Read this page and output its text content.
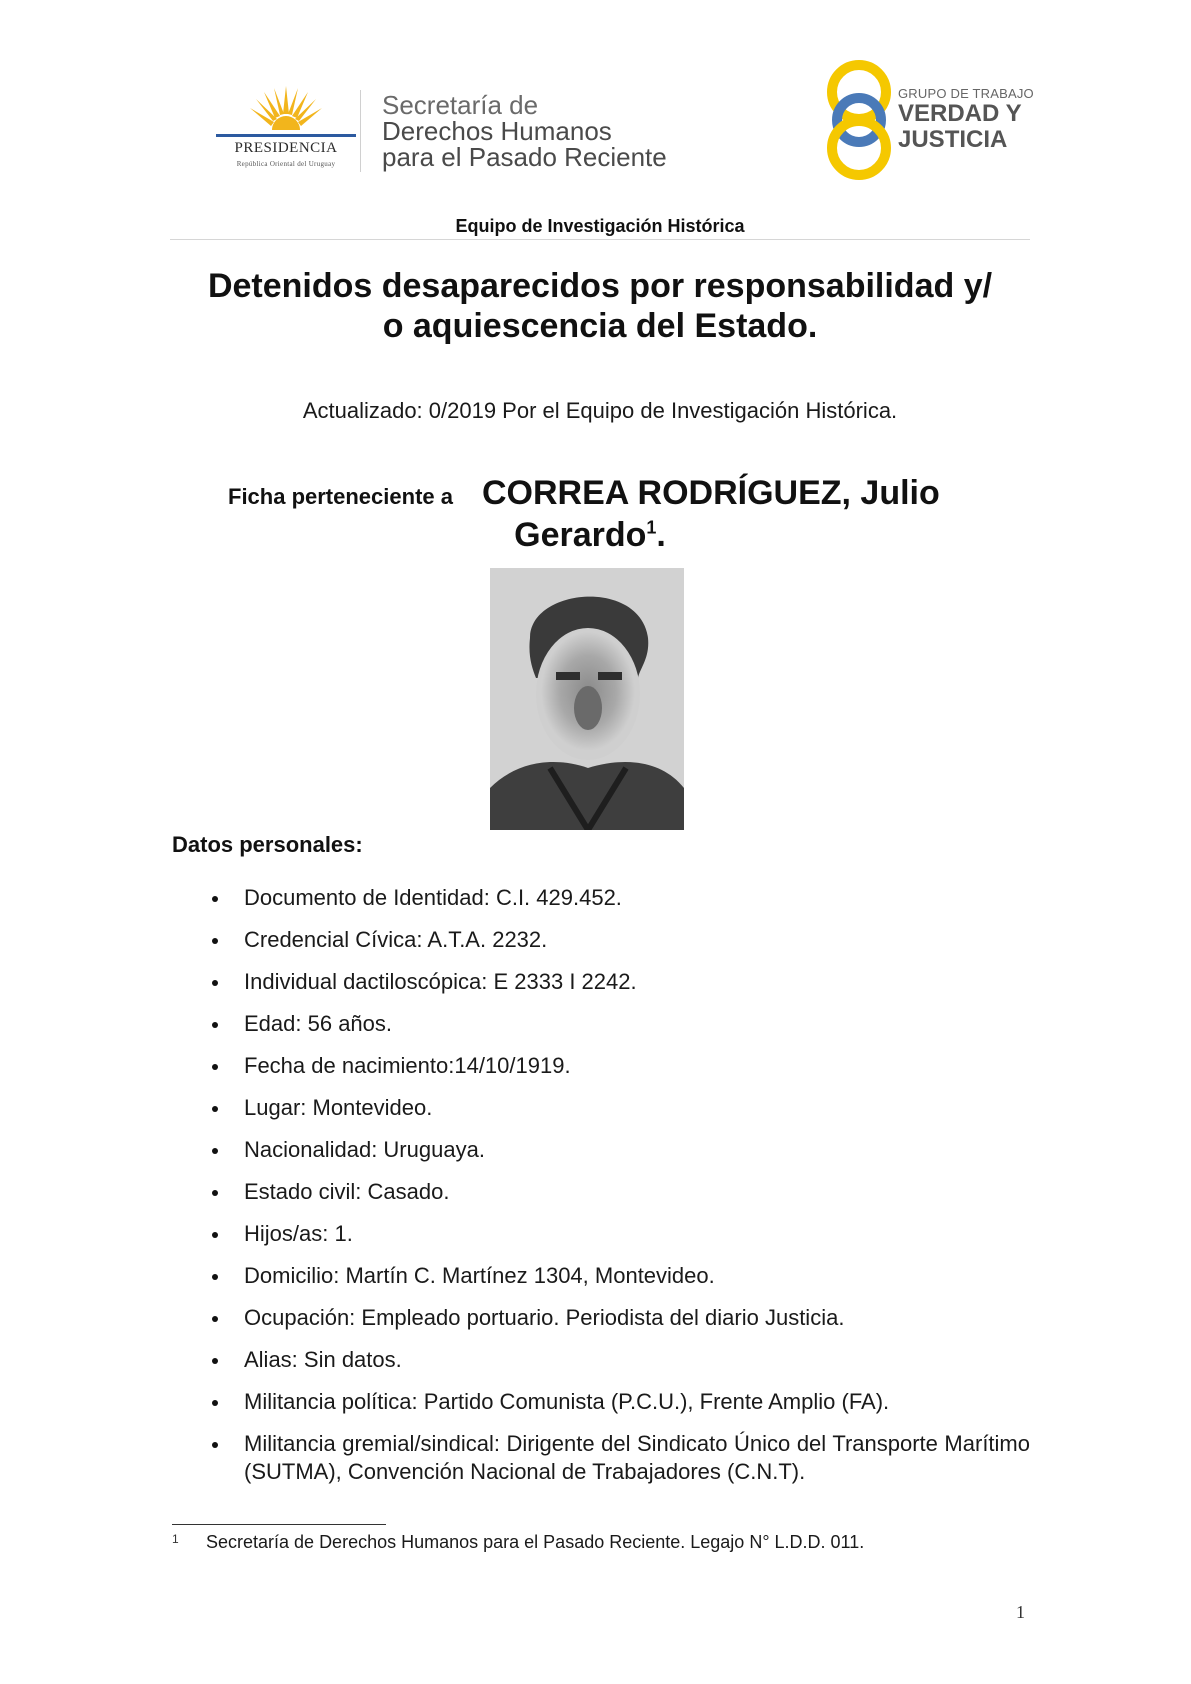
PRESIDENCIA
República Oriental del Uruguay
Secretaría de
Derechos Humanos
para el Pasado Reciente
GRUPO DE TRABAJO
VERDAD Y
JUSTICIA
Equipo de Investigación Histórica
Detenidos desaparecidos por responsabilidad y/
o aquiescencia del Estado.
Actualizado: 0/2019 Por el Equipo de Investigación Histórica.
Ficha perteneciente a CORREA RODRÍGUEZ, Julio
Gerardo$^1$.
Datos personales:
Documento de Identidad: C.I. 429.452.
Credencial Cívica: A.T.A. 2232.
Individual dactiloscópica: E 2333 I 2242.
Edad: 56 años.
Fecha de nacimiento:14/10/1919.
Lugar: Montevideo.
Nacionalidad: Uruguaya.
Estado civil: Casado.
Hijos/as: 1.
Domicilio: Martín C. Martínez 1304, Montevideo.
Ocupación: Empleado portuario. Periodista del diario Justicia.
Alias: Sin datos.
Militancia política: Partido Comunista (P.C.U.), Frente Amplio (FA).
Militancia gremial/sindical: Dirigente del Sindicato Único del Transporte Marítimo (SUTMA), Convención Nacional de Trabajadores (C.N.T).
1 Secretaría de Derechos Humanos para el Pasado Reciente. Legajo N° L.D.D. 011.
1
